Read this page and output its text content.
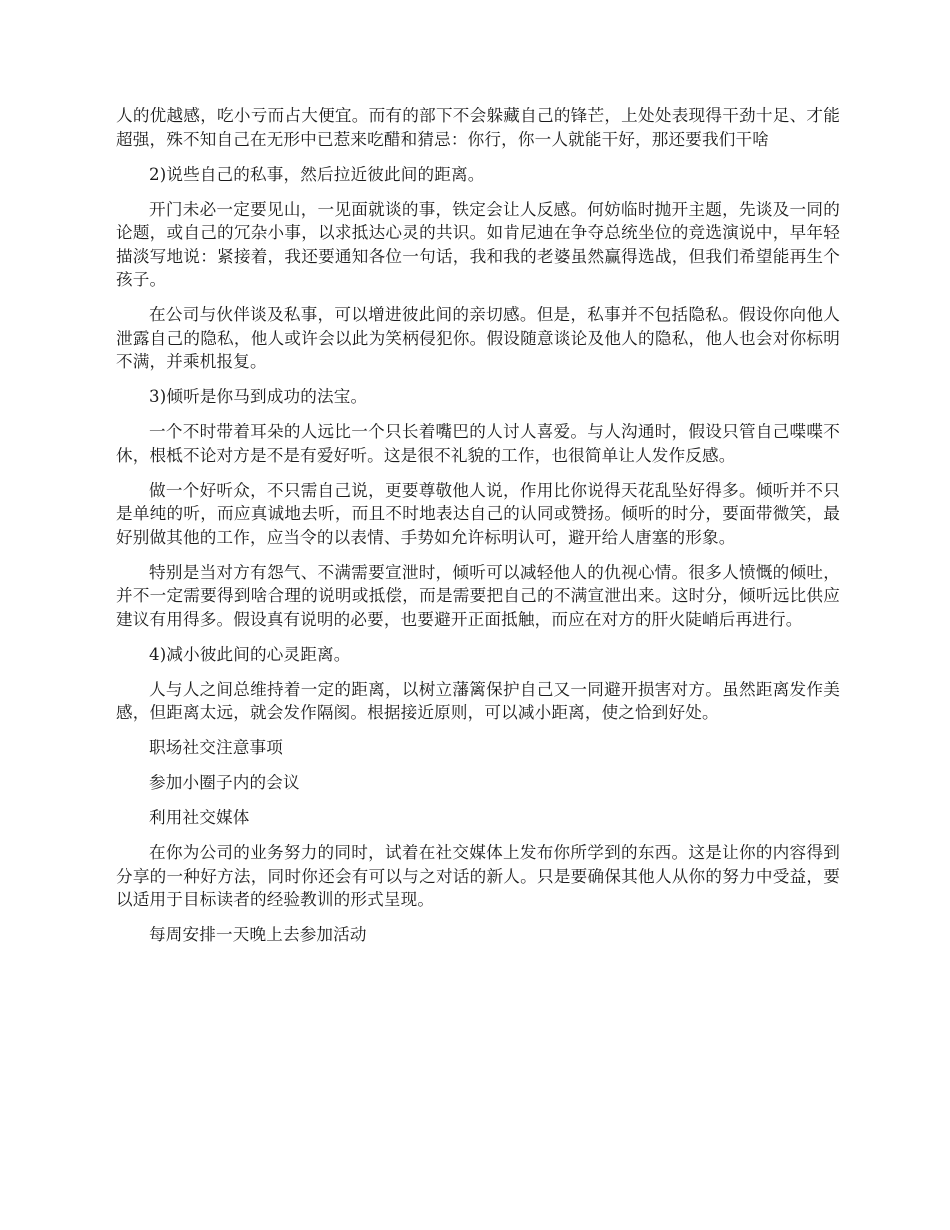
人的优越感，吃小亏而占大便宜。而有的部下不会躲藏自己的锋芒，上处处表现得干劲十足、才能超强，殊不知自己在无形中已惹来吃醋和猜忌：你行，你一人就能干好，那还要我们干啥

2)说些自己的私事，然后拉近彼此间的距离。

开门未必一定要见山，一见面就谈的事，铁定会让人反感。何妨临时抛开主题，先谈及一同的论题，或自己的冗杂小事，以求抵达心灵的共识。如肯尼迪在争夺总统坐位的竞选演说中，早年轻描淡写地说：紧接着，我还要通知各位一句话，我和我的老婆虽然赢得选战，但我们希望能再生个孩子。

在公司与伙伴谈及私事，可以增进彼此间的亲切感。但是，私事并不包括隐私。假设你向他人泄露自己的隐私，他人或许会以此为笑柄侵犯你。假设随意谈论及他人的隐私，他人也会对你标明不满，并乘机报复。

3)倾听是你马到成功的法宝。

一个不时带着耳朵的人远比一个只长着嘴巴的人讨人喜爱。与人沟通时，假设只管自己喋喋不休，根柢不论对方是不是有爱好听。这是很不礼貌的工作，也很简单让人发作反感。

做一个好听众，不只需自己说，更要尊敬他人说，作用比你说得天花乱坠好得多。倾听并不只是单纯的听，而应真诚地去听，而且不时地表达自己的认同或赞扬。倾听的时分，要面带微笑，最好别做其他的工作，应当令的以表情、手势如允许标明认可，避开给人唐塞的形象。

特别是当对方有怨气、不满需要宣泄时，倾听可以减轻他人的仇视心情。很多人愤慨的倾吐，并不一定需要得到啥合理的说明或抵偿，而是需要把自己的不满宣泄出来。这时分，倾听远比供应建议有用得多。假设真有说明的必要，也要避开正面抵触，而应在对方的肝火陡峭后再进行。

4)减小彼此间的心灵距离。

人与人之间总维持着一定的距离，以树立藩篱保护自己又一同避开损害对方。虽然距离发作美感，但距离太远，就会发作隔阂。根据接近原则，可以减小距离，使之恰到好处。

职场社交注意事项

参加小圈子内的会议

利用社交媒体

在你为公司的业务努力的同时，试着在社交媒体上发布你所学到的东西。这是让你的内容得到分享的一种好方法，同时你还会有可以与之对话的新人。只是要确保其他人从你的努力中受益，要以适用于目标读者的经验教训的形式呈现。

每周安排一天晚上去参加活动
